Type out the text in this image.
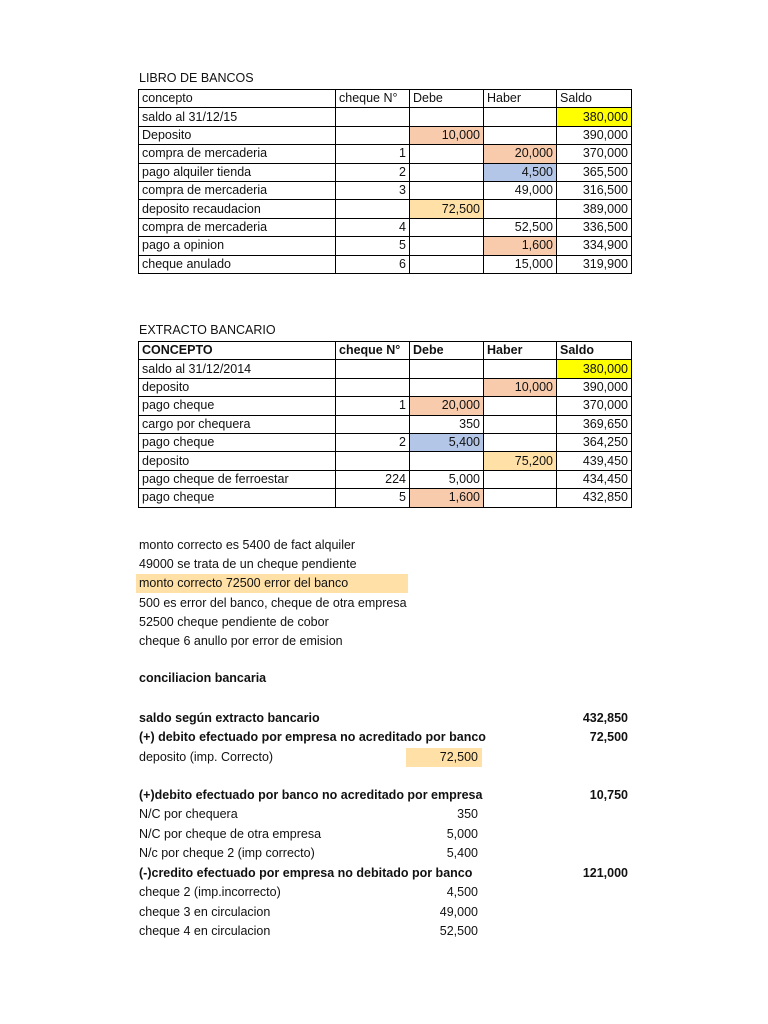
LIBRO DE BANCOS
concepto	cheque N°	Debe	Haber	Saldo
saldo al 31/12/15				380,000
Deposito		10,000		390,000
compra de mercaderia	1		20,000	370,000
pago alquiler tienda	2		4,500	365,500
compra de mercaderia	3		49,000	316,500
deposito recaudacion		72,500		389,000
compra de mercaderia	4		52,500	336,500
pago a opinion	5		1,600	334,900
cheque anulado	6		15,000	319,900
EXTRACTO BANCARIO
CONCEPTO	cheque N°	Debe	Haber	Saldo
saldo al 31/12/2014				380,000
deposito			10,000	390,000
pago cheque	1	20,000		370,000
cargo por chequera		350		369,650
pago cheque	2	5,400		364,250
deposito			75,200	439,450
pago cheque de ferroestar	224	5,000		434,450
pago cheque	5	1,600		432,850
monto correcto es 5400 de fact alquiler
49000 se trata de un cheque pendiente
monto correcto 72500 error del banco
500 es error del banco, cheque de otra empresa
52500 cheque pendiente de cobor
cheque 6 anullo por error de emision
conciliacion bancaria
saldo según extracto bancario	432,850
(+) debito efectuado por empresa no acreditado por banco	72,500
deposito (imp. Correcto)	72,500
(+)debito efectuado por banco no acreditado por empresa	10,750
N/C por chequera	350
N/C por cheque de otra empresa	5,000
N/c por cheque 2 (imp correcto)	5,400
(-)credito efectuado por empresa no debitado por banco	121,000
cheque 2 (imp.incorrecto)	4,500
cheque 3 en circulacion	49,000
cheque 4 en circulacion	52,500
